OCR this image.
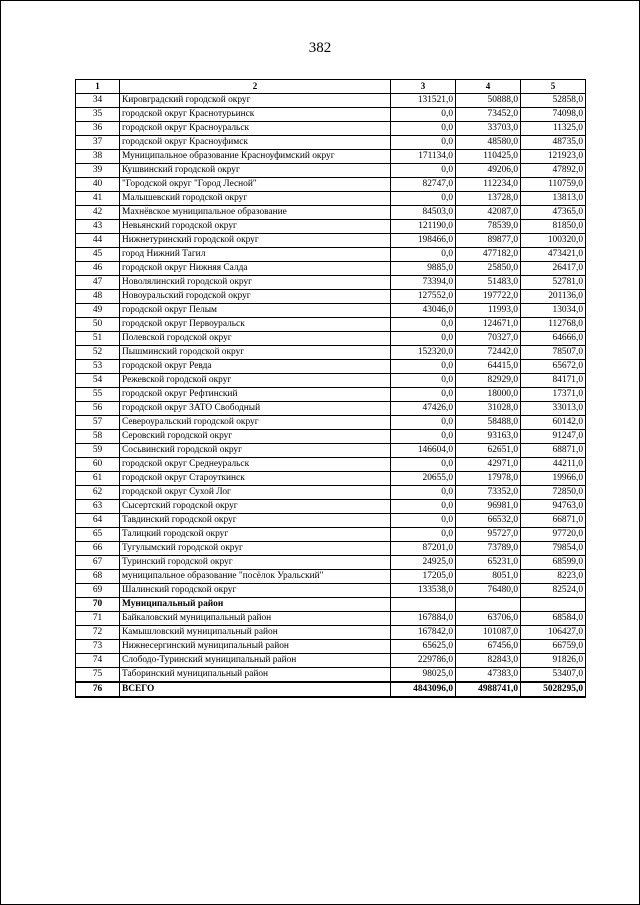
382
1	2	3	4	5
34	Кировградский городской округ	131521,0	50888,0	52858,0
35	городской округ Краснотурьинск	0,0	73452,0	74098,0
36	городской округ Красноуральск	0,0	33703,0	11325,0
37	городской округ Красноуфимск	0,0	48580,0	48735,0
38	Муниципальное образование Красноуфимский округ	171134,0	110425,0	121923,0
39	Кушвинский городской округ	0,0	49206,0	47892,0
40	"Городской округ "Город Лесной"	82747,0	112234,0	110759,0
41	Малышевский городской округ	0,0	13728,0	13813,0
42	Махнёвское муниципальное образование	84503,0	42087,0	47365,0
43	Невьянский городской округ	121190,0	78539,0	81850,0
44	Нижнетуринский городской округ	198466,0	89877,0	100320,0
45	город Нижний Тагил	0,0	477182,0	473421,0
46	городской округ Нижняя Салда	9885,0	25850,0	26417,0
47	Новолялинский городской округ	73394,0	51483,0	52781,0
48	Новоуральский городской округ	127552,0	197722,0	201136,0
49	городской округ Пелым	43046,0	11993,0	13034,0
50	городской округ Первоуральск	0,0	124671,0	112768,0
51	Полевской городской округ	0,0	70327,0	64666,0
52	Пышминский городской округ	152320,0	72442,0	78507,0
53	городской округ Ревда	0,0	64415,0	65672,0
54	Режевской городской округ	0,0	82929,0	84171,0
55	городской округ Рефтинский	0,0	18000,0	17371,0
56	городской округ ЗАТО Свободный	47426,0	31028,0	33013,0
57	Североуральский городской округ	0,0	58488,0	60142,0
58	Серовский городской округ	0,0	93163,0	91247,0
59	Сосьвинский городской округ	146604,0	62651,0	68871,0
60	городской округ Среднеуральск	0,0	42971,0	44211,0
61	городской округ Староуткинск	20655,0	17978,0	19966,0
62	городской округ Сухой Лог	0,0	73352,0	72850,0
63	Сысертский городской округ	0,0	96981,0	94763,0
64	Тавдинский городской округ	0,0	66532,0	66871,0
65	Талицкий городской округ	0,0	95727,0	97720,0
66	Тугулымский городской округ	87201,0	73789,0	79854,0
67	Туринский городской округ	24925,0	65231,0	68599,0
68	муниципальное образование "посёлок Уральский"	17205,0	8051,0	8223,0
69	Шалинский городской округ	133538,0	76480,0	82524,0
70	Муниципальный район			
71	Байкаловский муниципальный район	167884,0	63706,0	68584,0
72	Камышловский муниципальный район	167842,0	101087,0	106427,0
73	Нижнесергинский муниципальный район	65625,0	67456,0	66759,0
74	Слободо-Туринский муниципальный район	229786,0	82843,0	91826,0
75	Таборинский муниципальный район	98025,0	47383,0	53407,0
76	ВСЕГО	4843096,0	4988741,0	5028295,0
